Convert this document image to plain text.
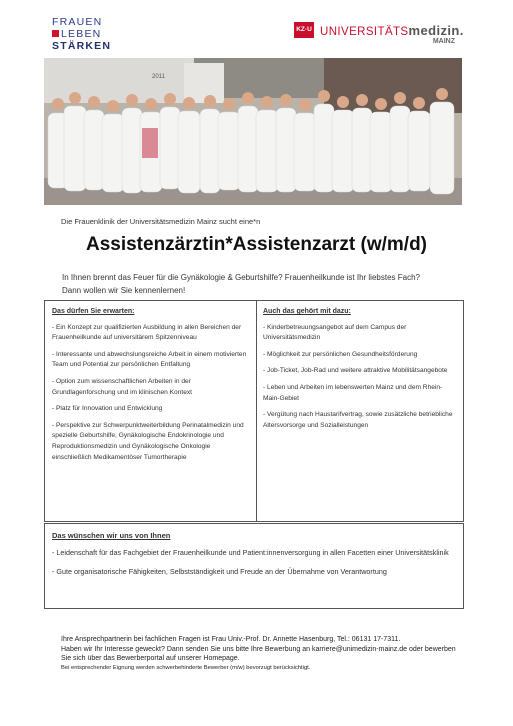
FRAUEN
LEBEN
STÄRKEN
KZ·U UNIVERSITÄTSmedizin.
MAINZ
2011
Die Frauenklinik der Universitätsmedizin Mainz sucht eine*n
Assistenzärztin*Assistenzarzt (w/m/d)
In Ihnen brennt das Feuer für die Gynäkologie & Geburtshilfe? Frauenheilkunde ist Ihr liebstes Fach?
Dann wollen wir Sie kennenlernen!
Das dürfen Sie erwarten:
- Ein Konzept zur qualifizierten Ausbildung in allen Bereichen der Frauenheilkunde auf universitärem Spitzenniveau
- Interessante und abwechslungsreiche Arbeit in einem motivierten Team und Potential zur persönlichen Entfaltung
- Option zum wissenschaftlichen Arbeiten in der Grundlagenforschung und im klinischen Kontext
- Platz für Innovation und Entwicklung
- Perspektive zur Schwerpunktweiterbildung Perinatalmedizin und spezielle Geburtshilfe, Gynäkologische Endokrinologie und Reproduktionsmedizin und Gynäkologische Onkologie einschließlich Medikamentöser Tumortherapie
Auch das gehört mit dazu:
- Kinderbetreuungsangebot auf dem Campus der Universitätsmedizin
- Möglichkeit zur persönlichen Gesundheitsförderung
- Job-Ticket, Job-Rad und weitere attraktive Mobilitätsangebote
- Leben und Arbeiten im lebenswerten Mainz und dem Rhein-Main-Gebiet
- Vergütung nach Haustarifvertrag, sowie zusätzliche betriebliche Altersvorsorge und Sozialleistungen
Das wünschen wir uns von Ihnen
- Leidenschaft für das Fachgebiet der Frauenheilkunde und Patient:innenversorgung in allen Facetten einer Universitätsklinik
- Gute organisatorische Fähigkeiten, Selbstständigkeit und Freude an der Übernahme von Verantwortung
Ihre Ansprechpartnerin bei fachlichen Fragen ist Frau Univ.-Prof. Dr. Annette Hasenburg, Tel.: 06131 17-7311.
Haben wir Ihr Interesse geweckt? Dann senden Sie uns bitte Ihre Bewerbung an karriere@unimedizin-mainz.de oder bewerben Sie sich über das Bewerberportal auf unserer Homepage.
Bei entsprechender Eignung werden schwerbehinderte Bewerber (m/w) bevorzugt berücksichtigt.
